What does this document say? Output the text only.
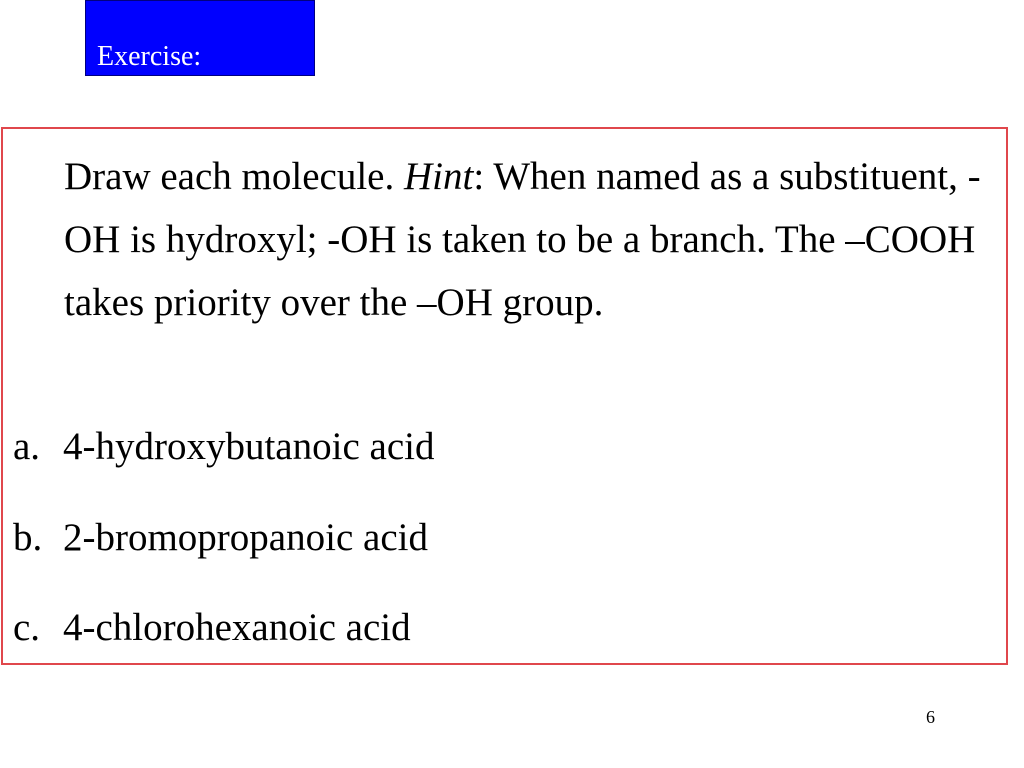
Exercise:

Draw each molecule. Hint: When named as a substituent, -OH is hydroxyl; -OH is taken to be a branch. The –COOH takes priority over the –OH group.

a. 4-hydroxybutanoic acid
b. 2-bromopropanoic acid
c. 4-chlorohexanoic acid
6
